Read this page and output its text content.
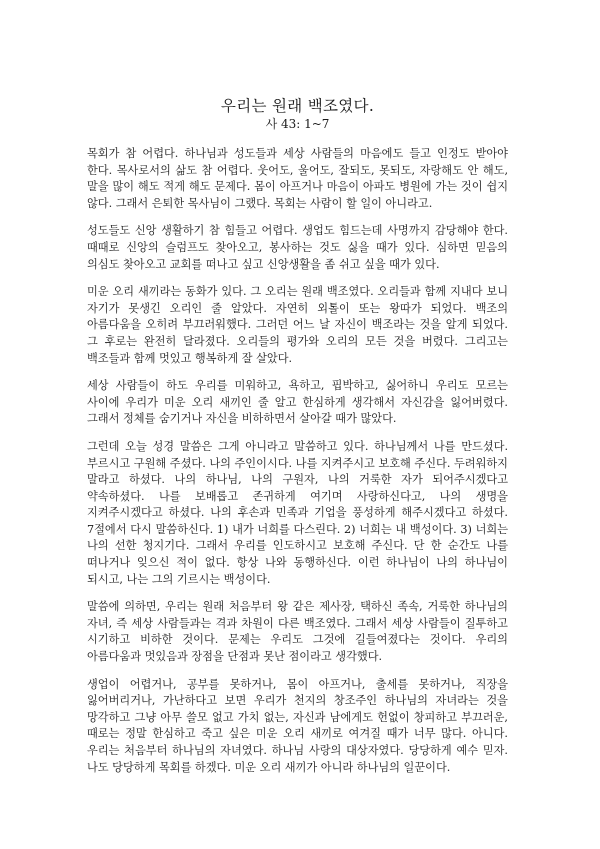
우리는 원래 백조였다.
사 43: 1~7

목회가 참 어렵다. 하나님과 성도들과 세상 사람들의 마음에도 들고 인정도 받아야 한다. 목사로서의 삶도 참 어렵다. 웃어도, 울어도, 잘되도, 못되도, 자랑해도 안 해도, 말을 많이 해도 적게 해도 문제다. 몸이 아프거나 마음이 아파도 병원에 가는 것이 쉽지 않다. 그래서 은퇴한 목사님이 그랬다. 목회는 사람이 할 일이 아니라고.

성도들도 신앙 생활하기 참 힘들고 어렵다. 생업도 힘드는데 사명까지 감당해야 한다. 때때로 신앙의 슬럼프도 찾아오고, 봉사하는 것도 싫을 때가 있다. 심하면 믿음의 의심도 찾아오고 교회를 떠나고 싶고 신앙생활을 좀 쉬고 싶을 때가 있다.

미운 오리 새끼라는 동화가 있다. 그 오리는 원래 백조였다. 오리들과 함께 지내다 보니 자기가 못생긴 오리인 줄 알았다. 자연히 외톨이 또는 왕따가 되었다. 백조의 아름다움을 오히려 부끄러워했다. 그러던 어느 날 자신이 백조라는 것을 알게 되었다. 그 후로는 완전히 달라졌다. 오리들의 평가와 오리의 모든 것을 버렸다. 그리고는 백조들과 함께 멋있고 행복하게 잘 살았다.

세상 사람들이 하도 우리를 미워하고, 욕하고, 핍박하고, 싫어하니 우리도 모르는 사이에 우리가 미운 오리 새끼인 줄 알고 한심하게 생각해서 자신감을 잃어버렸다. 그래서 정체를 숨기거나 자신을 비하하면서 살아갈 때가 많았다.

그런데 오늘 성경 말씀은 그게 아니라고 말씀하고 있다. 하나님께서 나를 만드셨다. 부르시고 구원해 주셨다. 나의 주인이시다. 나를 지켜주시고 보호해 주신다. 두려워하지 말라고 하셨다. 나의 하나님, 나의 구원자, 나의 거룩한 자가 되어주시겠다고 약속하셨다. 나를 보배롭고 존귀하게 여기며 사랑하신다고, 나의 생명을 지켜주시겠다고 하셨다. 나의 후손과 민족과 기업을 풍성하게 해주시겠다고 하셨다. 7절에서 다시 말씀하신다. 1) 내가 너희를 다스린다. 2) 너희는 내 백성이다. 3) 너희는 나의 선한 청지기다. 그래서 우리를 인도하시고 보호해 주신다. 단 한 순간도 나를 떠나거나 잊으신 적이 없다. 항상 나와 동행하신다. 이런 하나님이 나의 하나님이 되시고, 나는 그의 기르시는 백성이다.

말씀에 의하면, 우리는 원래 처음부터 왕 같은 제사장, 택하신 족속, 거룩한 하나님의 자녀, 즉 세상 사람들과는 격과 차원이 다른 백조였다. 그래서 세상 사람들이 질투하고 시기하고 비하한 것이다. 문제는 우리도 그것에 길들여졌다는 것이다. 우리의 아름다움과 멋있음과 장점을 단점과 못난 점이라고 생각했다.

생업이 어렵거나, 공부를 못하거나, 몸이 아프거나, 출세를 못하거나, 직장을 잃어버리거나, 가난하다고 보면 우리가 천지의 창조주인 하나님의 자녀라는 것을 망각하고 그냥 아무 쓸모 없고 가치 없는, 자신과 남에게도 헌없이 창피하고 부끄러운, 때로는 정말 한심하고 죽고 싶은 미운 오리 새끼로 여겨질 때가 너무 많다. 아니다. 우리는 처음부터 하나님의 자녀였다. 하나님 사랑의 대상자였다. 당당하게 예수 믿자. 나도 당당하게 목회를 하겠다. 미운 오리 새끼가 아니라 하나님의 일꾼이다.
